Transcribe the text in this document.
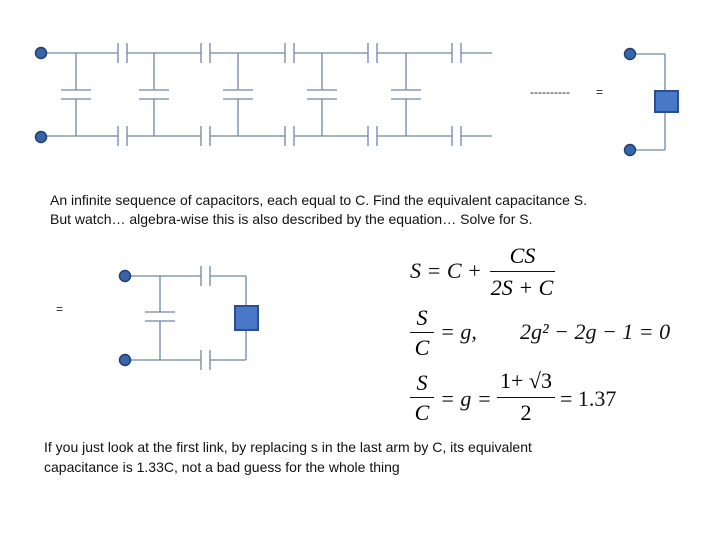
---------- =
=

An infinite sequence of capacitors, each equal to C. Find the equivalent capacitance S.

But watch… algebra-wise this is also described by the equation… Solve for S.

S = C +
CS
2S + C
S
C
= g, 2g² − 2g − 1 = 0
S
C
= g =
1+ √3
2
= 1.37

If you just look at the first link, by replacing s in the last arm by C, its equivalent

capacitance is 1.33C, not a bad guess for the whole thing
